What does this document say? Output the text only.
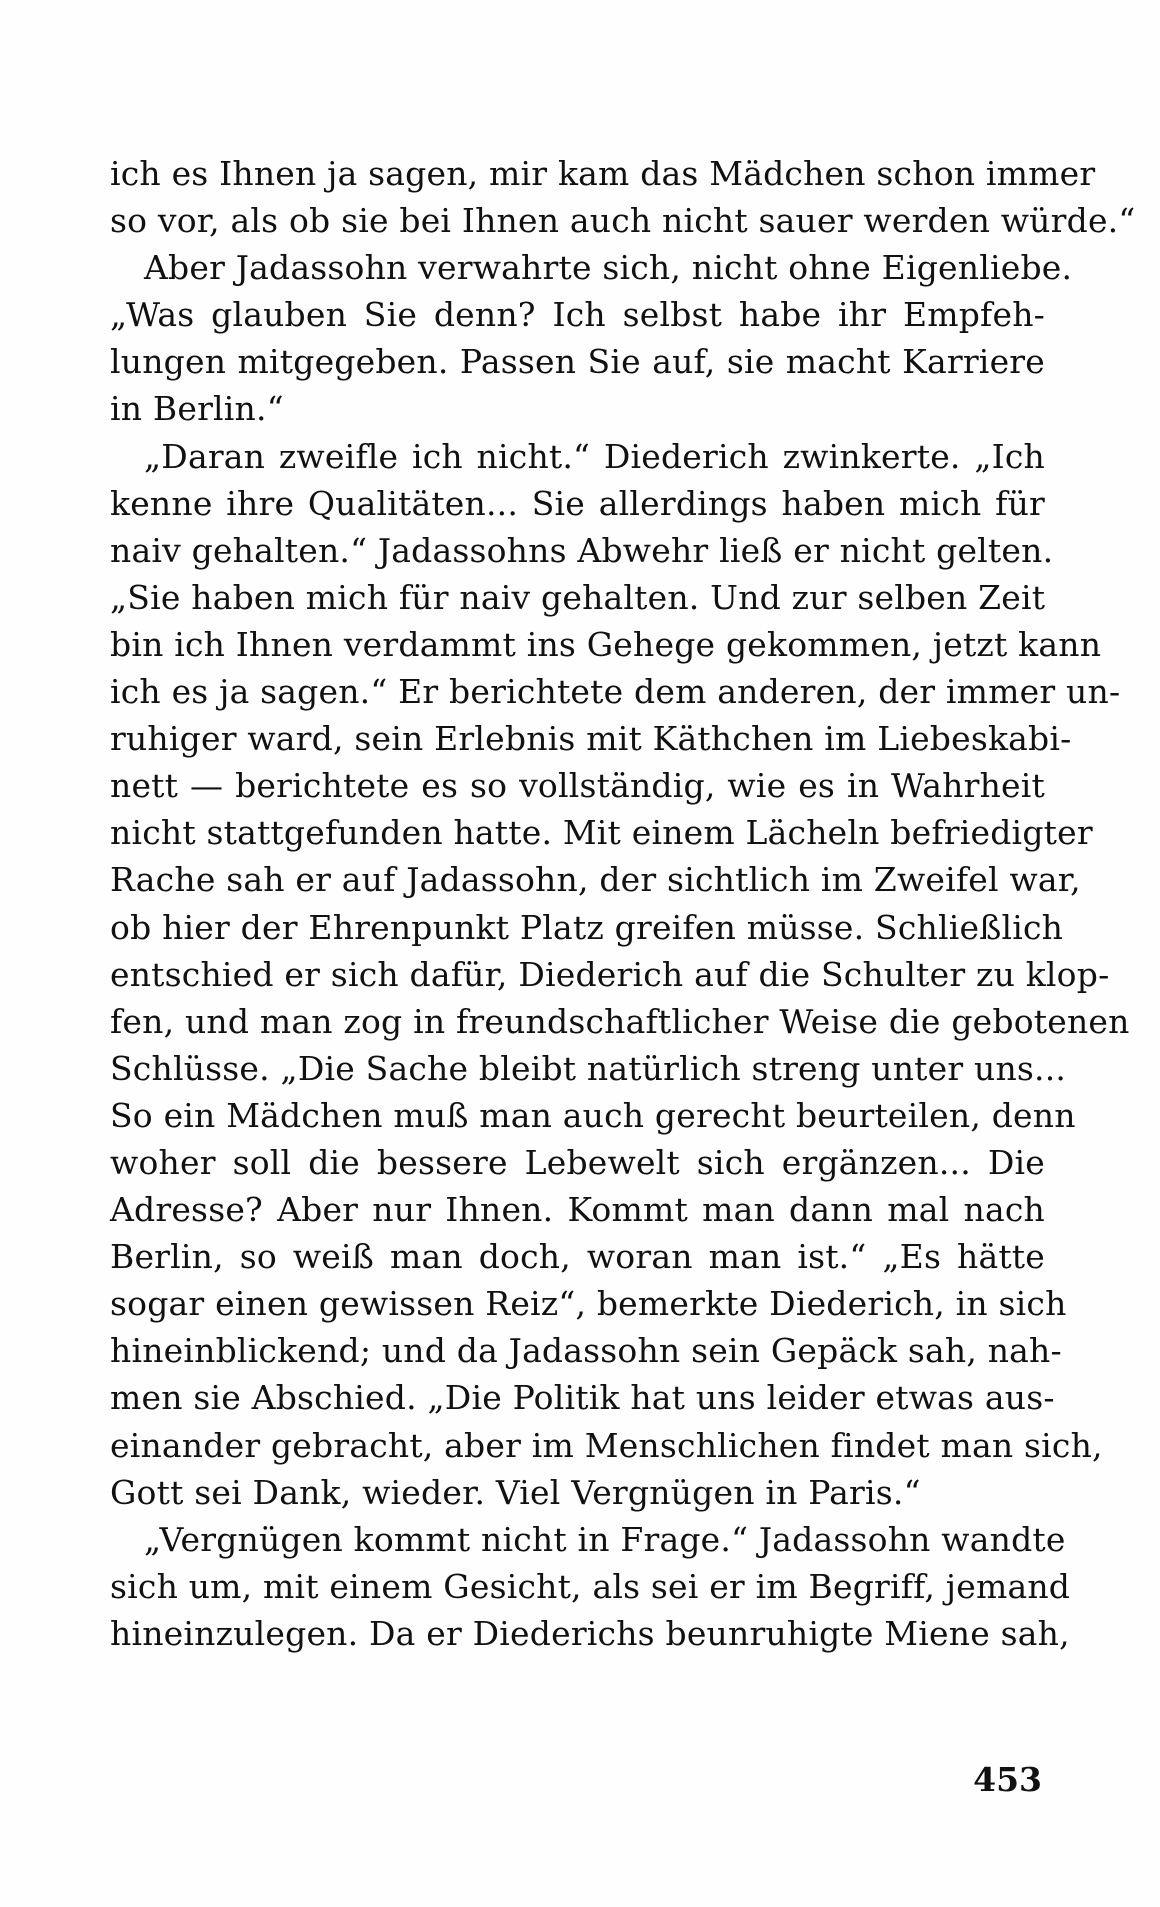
ich es Ihnen ja sagen, mir kam das Mädchen schon immer
so vor, als ob sie bei Ihnen auch nicht sauer werden würde.“
Aber Jadassohn verwahrte sich, nicht ohne Eigenliebe.
„Was glauben Sie denn? Ich selbst habe ihr Empfeh-
lungen mitgegeben. Passen Sie auf, sie macht Karriere
in Berlin.“
„Daran zweifle ich nicht.“ Diederich zwinkerte. „Ich
kenne ihre Qualitäten... Sie allerdings haben mich für
naiv gehalten.“ Jadassohns Abwehr ließ er nicht gelten.
„Sie haben mich für naiv gehalten. Und zur selben Zeit
bin ich Ihnen verdammt ins Gehege gekommen, jetzt kann
ich es ja sagen.“ Er berichtete dem anderen, der immer un-
ruhiger ward, sein Erlebnis mit Käthchen im Liebeskabi-
nett — berichtete es so vollständig, wie es in Wahrheit
nicht stattgefunden hatte. Mit einem Lächeln befriedigter
Rache sah er auf Jadassohn, der sichtlich im Zweifel war,
ob hier der Ehrenpunkt Platz greifen müsse. Schließlich
entschied er sich dafür, Diederich auf die Schulter zu klop-
fen, und man zog in freundschaftlicher Weise die gebotenen
Schlüsse. „Die Sache bleibt natürlich streng unter uns...
So ein Mädchen muß man auch gerecht beurteilen, denn
woher soll die bessere Lebewelt sich ergänzen... Die
Adresse? Aber nur Ihnen. Kommt man dann mal nach
Berlin, so weiß man doch, woran man ist.“ „Es hätte
sogar einen gewissen Reiz“, bemerkte Diederich, in sich
hineinblickend; und da Jadassohn sein Gepäck sah, nah-
men sie Abschied. „Die Politik hat uns leider etwas aus-
einander gebracht, aber im Menschlichen findet man sich,
Gott sei Dank, wieder. Viel Vergnügen in Paris.“
„Vergnügen kommt nicht in Frage.“ Jadassohn wandte
sich um, mit einem Gesicht, als sei er im Begriff, jemand
hineinzulegen. Da er Diederichs beunruhigte Miene sah,
453
